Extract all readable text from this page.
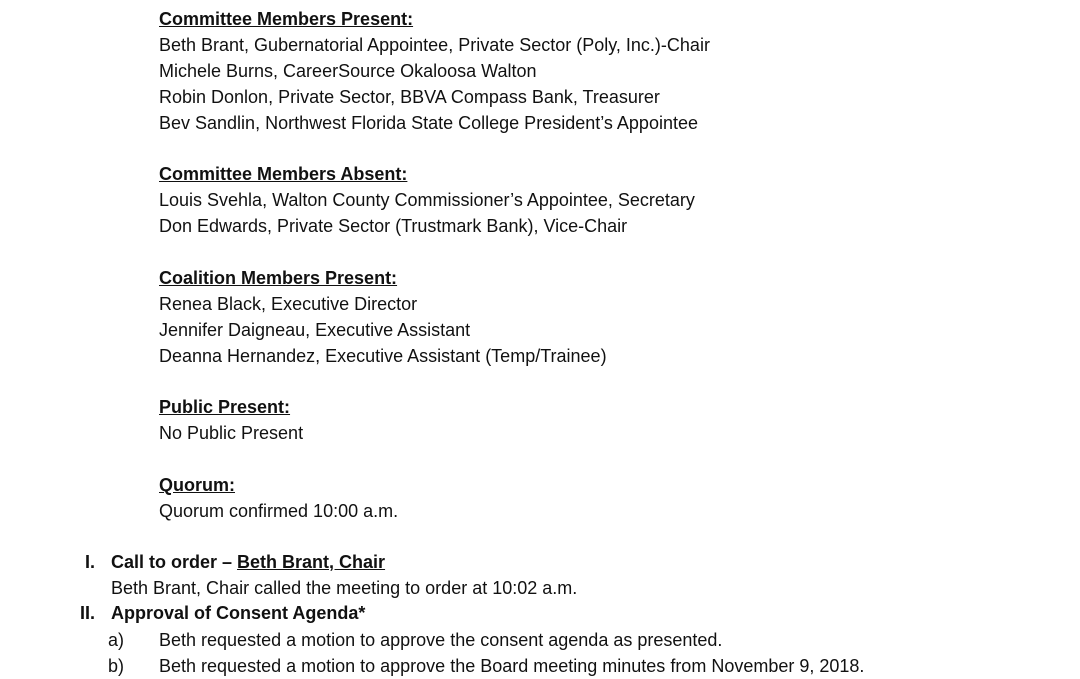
Committee Members Present:
Beth Brant, Gubernatorial Appointee, Private Sector (Poly, Inc.)-Chair
Michele Burns, CareerSource Okaloosa Walton
Robin Donlon, Private Sector, BBVA Compass Bank, Treasurer
Bev Sandlin, Northwest Florida State College President’s Appointee
Committee Members Absent:
Louis Svehla, Walton County Commissioner’s Appointee, Secretary
Don Edwards, Private Sector (Trustmark Bank), Vice-Chair
Coalition Members Present:
Renea Black, Executive Director
Jennifer Daigneau, Executive Assistant
Deanna Hernandez, Executive Assistant (Temp/Trainee)
Public Present:
No Public Present
Quorum:
Quorum confirmed 10:00 a.m.
I. Call to order – Beth Brant, Chair
Beth Brant, Chair called the meeting to order at 10:02 a.m.
II. Approval of Consent Agenda*
a)	Beth requested a motion to approve the consent agenda as presented.
b)	Beth requested a motion to approve the Board meeting minutes from November 9, 2018.
